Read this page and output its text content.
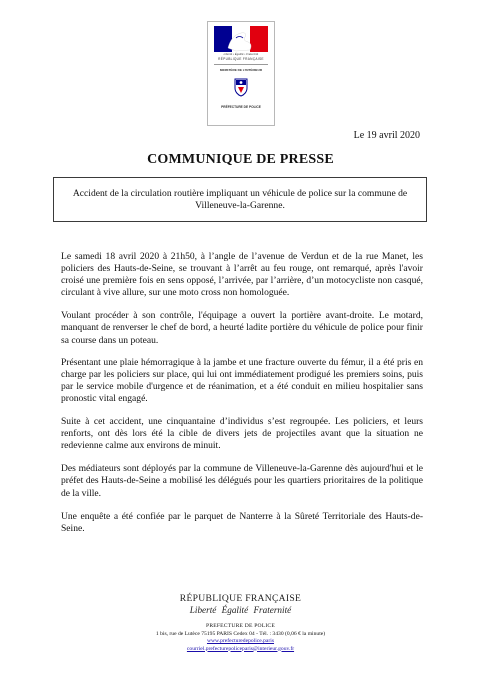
Liberté • Égalité • Fraternité
RÉPUBLIQUE FRANÇAISE
MINISTÈRE DE L'INTÉRIEUR
PRÉFECTURE DE POLICE
Le 19 avril 2020
COMMUNIQUE DE PRESSE
Accident de la circulation routière impliquant un véhicule de police sur la commune de Villeneuve-la-Garenne.

Le samedi 18 avril 2020 à 21h50, à l’angle de l’avenue de Verdun et de la rue Manet, les policiers des Hauts-de-Seine, se trouvant à l’arrêt au feu rouge, ont remarqué, après l'avoir croisé une première fois en sens opposé, l’arrivée, par l’arrière, d’un motocycliste non casqué, circulant à vive allure, sur une moto cross non homologuée.

Voulant procéder à son contrôle, l'équipage a ouvert la portière avant-droite. Le motard, manquant de renverser le chef de bord, a heurté ladite portière du véhicule de police pour finir sa course dans un poteau.

Présentant une plaie hémorragique à la jambe et une fracture ouverte du fémur, il a été pris en charge par les policiers sur place, qui lui ont immédiatement prodigué les premiers soins, puis par le service mobile d'urgence et de réanimation, et a été conduit en milieu hospitalier sans pronostic vital engagé.

Suite à cet accident, une cinquantaine d’individus s’est regroupée. Les policiers, et leurs renforts, ont dès lors été la cible de divers jets de projectiles avant que la situation ne redevienne calme aux environs de minuit.

Des médiateurs sont déployés par la commune de Villeneuve-la-Garenne dès aujourd'hui et le préfet des Hauts-de-Seine a mobilisé les délégués pour les quartiers prioritaires de la politique de la ville.

Une enquête a été confiée par le parquet de Nanterre à la Sûreté Territoriale des Hauts-de-Seine.

RÉPUBLIQUE FRANÇAISE
Liberté Égalité Fraternité
PREFECTURE DE POLICE
1 bis, rue de Lutèce 75195 PARIS Cedex 04 - Tél. : 3430 (0,06 € la minute)
www.prefecturedepolice.paris
courriel.prefecturepoliceparis@interieur.gouv.fr
